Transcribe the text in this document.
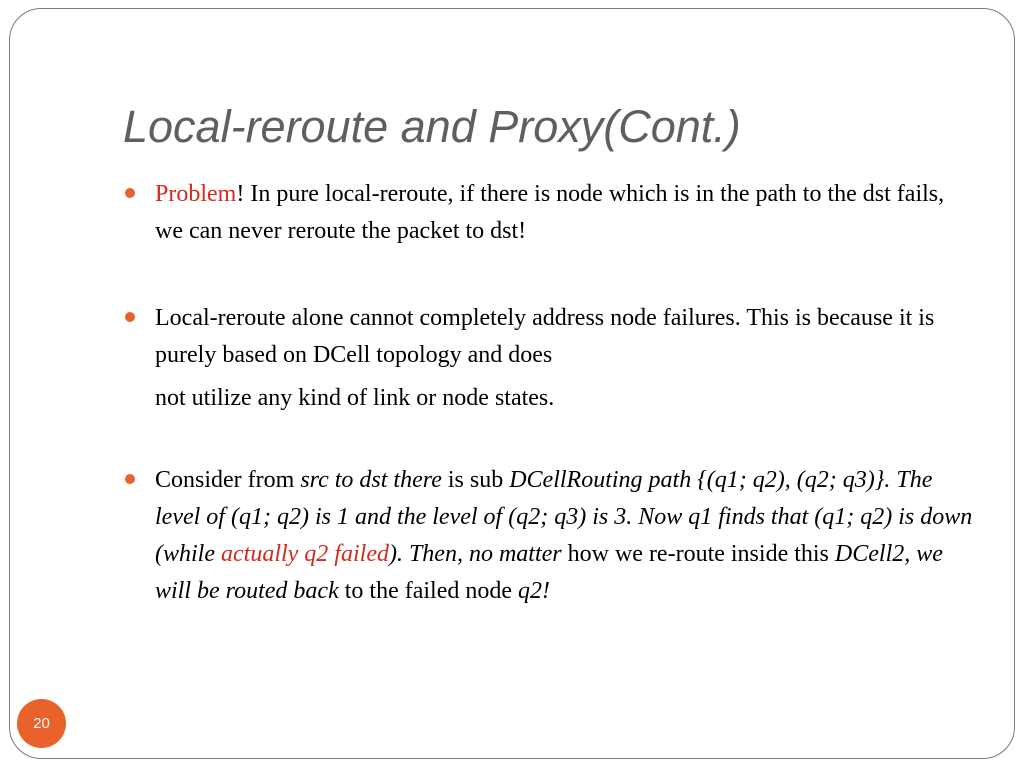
Local-reroute and Proxy(Cont.)
Problem! In pure local-reroute, if there is node which is in the path to the dst fails, we can never reroute the packet to dst!
Local-reroute alone cannot completely address node failures. This is because it is purely based on DCell topology and does
not utilize any kind of link or node states.
Consider from src to dst there is sub DCellRouting path {(q1; q2), (q2; q3)}. The level of (q1; q2) is 1 and the level of (q2; q3) is 3. Now q1 finds that (q1; q2) is down (while actually q2 failed). Then, no matter how we re-route inside this DCell2, we will be routed back to the failed node q2!
20
